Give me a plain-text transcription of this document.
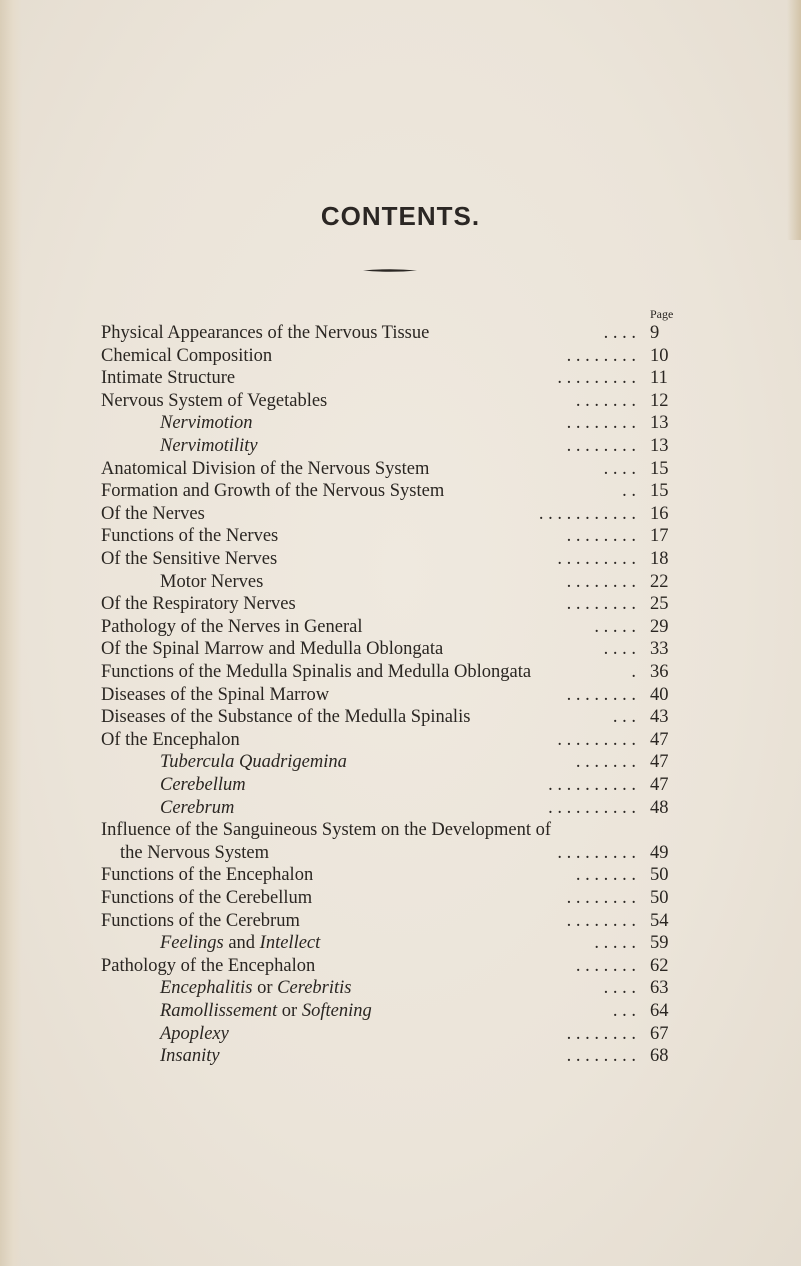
CONTENTS.
Page
Physical Appearances of the Nervous Tissue	. . . . 9
Chemical Composition	. . . . . . . . 10
Intimate Structure	. . . . . . . . . 11
Nervous System of Vegetables	. . . . . . . 12
Nervimotion	. . . . . . . . 13
Nervimotility	. . . . . . . . 13
Anatomical Division of the Nervous System	. . . . 15
Formation and Growth of the Nervous System	. . 15
Of the Nerves	. . . . . . . . . . . 16
Functions of the Nerves	. . . . . . . . 17
Of the Sensitive Nerves	. . . . . . . . . 18
Motor Nerves	. . . . . . . . 22
Of the Respiratory Nerves	. . . . . . . . 25
Pathology of the Nerves in General	. . . . . 29
Of the Spinal Marrow and Medulla Oblongata	. . . . 33
Functions of the Medulla Spinalis and Medulla Oblongata	. 36
Diseases of the Spinal Marrow	. . . . . . . . 40
Diseases of the Substance of the Medulla Spinalis	. . . 43
Of the Encephalon	. . . . . . . . . 47
Tubercula Quadrigemina	. . . . . . . 47
Cerebellum	. . . . . . . . . . 47
Cerebrum	. . . . . . . . . . 48
Influence of the Sanguineous System on the Development of
the Nervous System	. . . . . . . . . 49
Functions of the Encephalon	. . . . . . . 50
Functions of the Cerebellum	. . . . . . . . 50
Functions of the Cerebrum	. . . . . . . . 54
Feelings and Intellect	. . . . . 59
Pathology of the Encephalon	. . . . . . . 62
Encephalitis or Cerebritis	. . . . 63
Ramollissement or Softening	. . . 64
Apoplexy	. . . . . . . . 67
Insanity	. . . . . . . . 68
